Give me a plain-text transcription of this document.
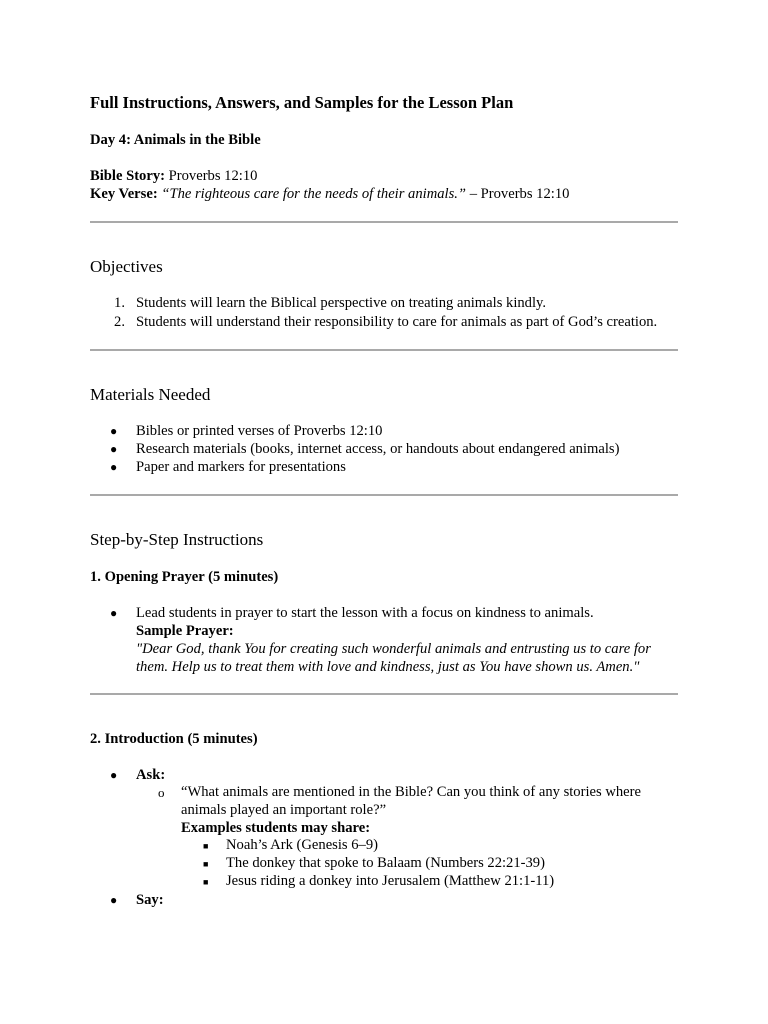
Full Instructions, Answers, and Samples for the Lesson Plan
Day 4: Animals in the Bible
Bible Story: Proverbs 12:10
Key Verse: “The righteous care for the needs of their animals.” – Proverbs 12:10
Objectives
1. Students will learn the Biblical perspective on treating animals kindly.
2. Students will understand their responsibility to care for animals as part of God’s creation.
Materials Needed
● Bibles or printed verses of Proverbs 12:10
● Research materials (books, internet access, or handouts about endangered animals)
● Paper and markers for presentations
Step-by-Step Instructions
1. Opening Prayer (5 minutes)
● Lead students in prayer to start the lesson with a focus on kindness to animals.
Sample Prayer:
"Dear God, thank You for creating such wonderful animals and entrusting us to care for
them. Help us to treat them with love and kindness, just as You have shown us. Amen."
2. Introduction (5 minutes)
● Ask:
o “What animals are mentioned in the Bible? Can you think of any stories where
animals played an important role?”
Examples students may share:
■ Noah’s Ark (Genesis 6–9)
■ The donkey that spoke to Balaam (Numbers 22:21-39)
■ Jesus riding a donkey into Jerusalem (Matthew 21:1-11)
● Say:
